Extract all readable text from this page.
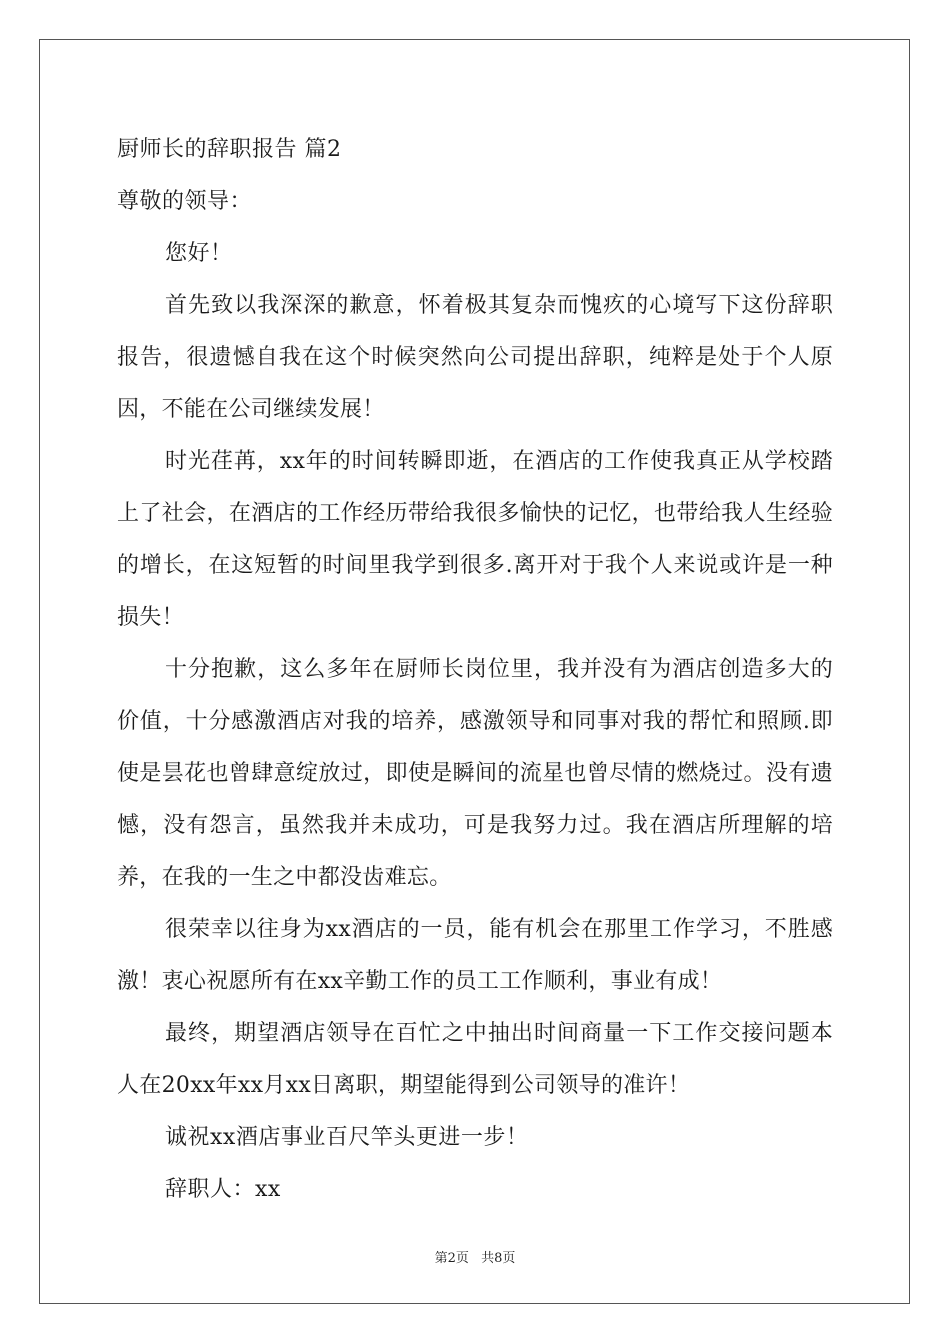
厨师长的辞职报告 篇2
尊敬的领导：
您好！

首先致以我深深的歉意，怀着极其复杂而愧疚的心境写下这份辞职报告，很遗憾自我在这个时候突然向公司提出辞职，纯粹是处于个人原因，不能在公司继续发展！

时光荏苒，xx年的时间转瞬即逝，在酒店的工作使我真正从学校踏上了社会，在酒店的工作经历带给我很多愉快的记忆，也带给我人生经验的增长，在这短暂的时间里我学到很多.离开对于我个人来说或许是一种损失！

十分抱歉，这么多年在厨师长岗位里，我并没有为酒店创造多大的价值，十分感激酒店对我的培养，感激领导和同事对我的帮忙和照顾.即使是昙花也曾肆意绽放过，即使是瞬间的流星也曾尽情的燃烧过。没有遗憾，没有怨言，虽然我并未成功，可是我努力过。我在酒店所理解的培养，在我的一生之中都没齿难忘。

很荣幸以往身为xx酒店的一员，能有机会在那里工作学习，不胜感激！衷心祝愿所有在xx辛勤工作的员工工作顺利，事业有成！

最终，期望酒店领导在百忙之中抽出时间商量一下工作交接问题本人在20xx年xx月xx日离职，期望能得到公司领导的准许！

诚祝xx酒店事业百尺竿头更进一步！
辞职人：xx
第2页 共8页
